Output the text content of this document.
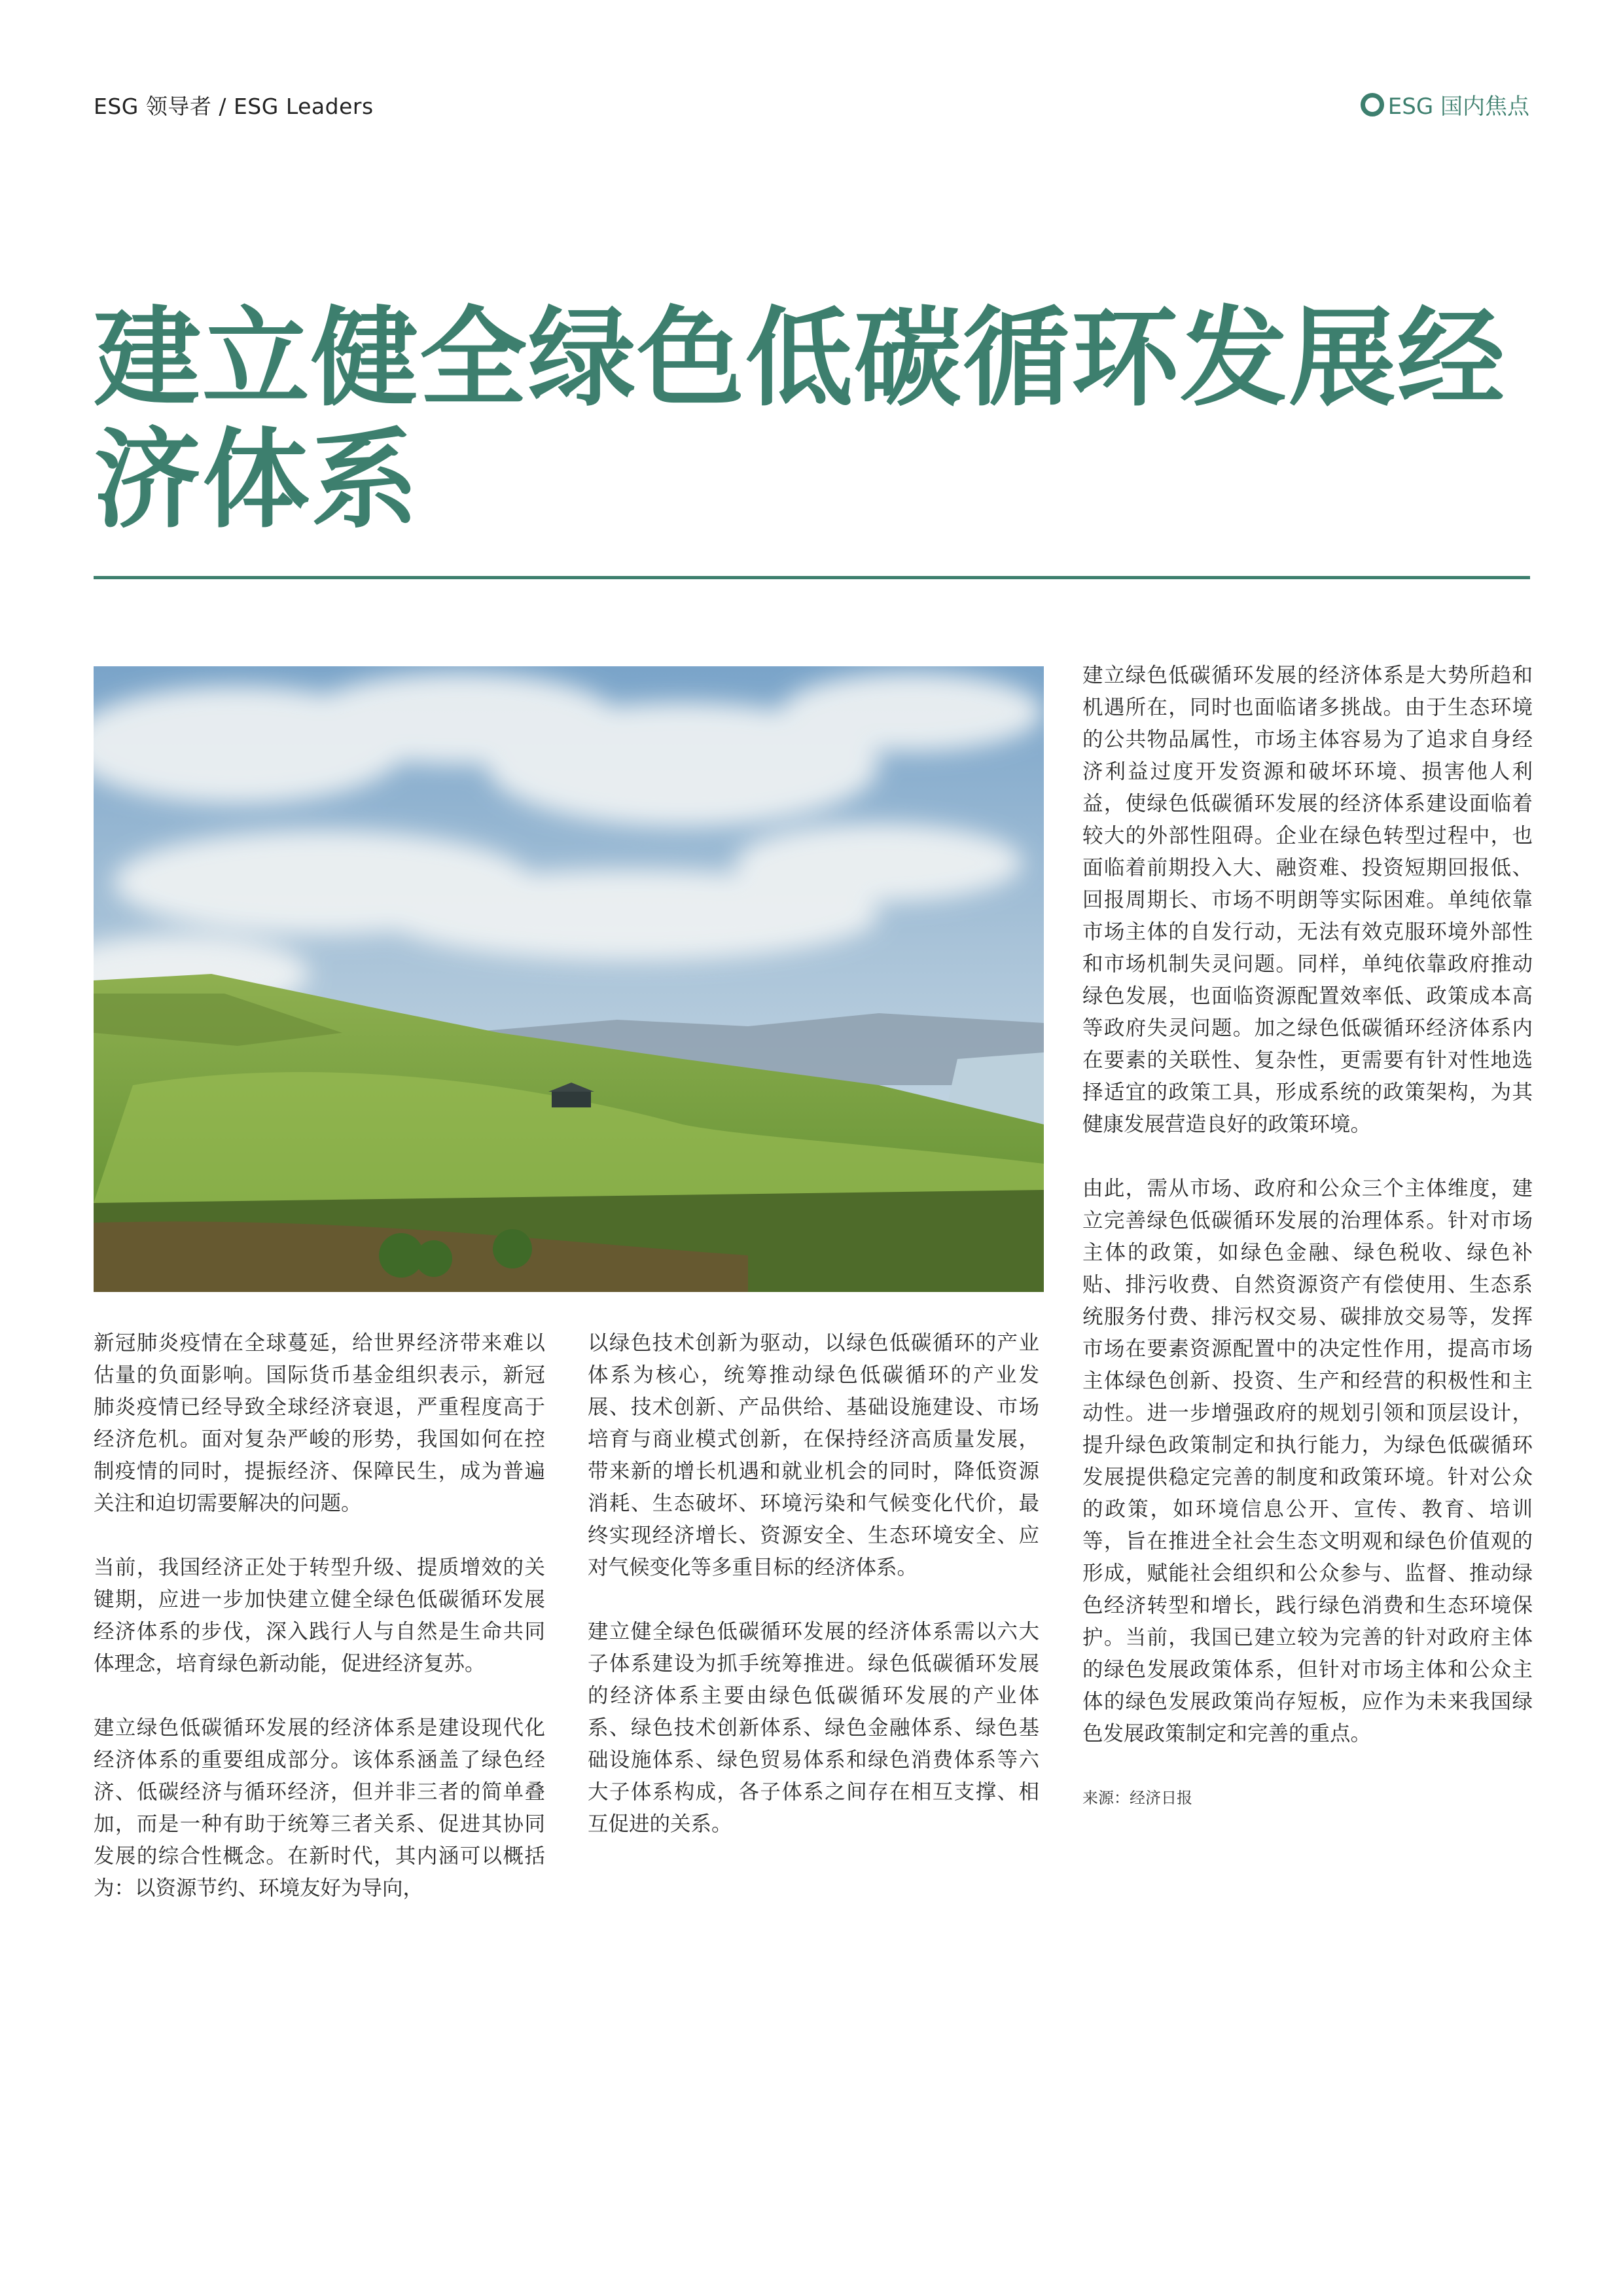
ESG 领导者 / ESG Leaders	ESG 国内焦点
建立健全绿色低碳循环发展经济体系

新冠肺炎疫情在全球蔓延，给世界经济带来难以估量的负面影响。国际货币基金组织表示，新冠肺炎疫情已经导致全球经济衰退，严重程度高于经济危机。面对复杂严峻的形势，我国如何在控制疫情的同时，提振经济、保障民生，成为普遍关注和迫切需要解决的问题。

当前，我国经济正处于转型升级、提质增效的关键期，应进一步加快建立健全绿色低碳循环发展经济体系的步伐，深入践行人与自然是生命共同体理念，培育绿色新动能，促进经济复苏。

建立绿色低碳循环发展的经济体系是建设现代化经济体系的重要组成部分。该体系涵盖了绿色经济、低碳经济与循环经济，但并非三者的简单叠加，而是一种有助于统筹三者关系、促进其协同发展的综合性概念。在新时代，其内涵可以概括为：以资源节约、环境友好为导向，

以绿色技术创新为驱动，以绿色低碳循环的产业体系为核心，统筹推动绿色低碳循环的产业发展、技术创新、产品供给、基础设施建设、市场培育与商业模式创新，在保持经济高质量发展，带来新的增长机遇和就业机会的同时，降低资源消耗、生态破坏、环境污染和气候变化代价，最终实现经济增长、资源安全、生态环境安全、应对气候变化等多重目标的经济体系。

建立健全绿色低碳循环发展的经济体系需以六大子体系建设为抓手统筹推进。绿色低碳循环发展的经济体系主要由绿色低碳循环发展的产业体系、绿色技术创新体系、绿色金融体系、绿色基础设施体系、绿色贸易体系和绿色消费体系等六大子体系构成，各子体系之间存在相互支撑、相互促进的关系。

建立绿色低碳循环发展的经济体系是大势所趋和机遇所在，同时也面临诸多挑战。由于生态环境的公共物品属性，市场主体容易为了追求自身经济利益过度开发资源和破坏环境、损害他人利益，使绿色低碳循环发展的经济体系建设面临着较大的外部性阻碍。企业在绿色转型过程中，也面临着前期投入大、融资难、投资短期回报低、回报周期长、市场不明朗等实际困难。单纯依靠市场主体的自发行动，无法有效克服环境外部性和市场机制失灵问题。同样，单纯依靠政府推动绿色发展，也面临资源配置效率低、政策成本高等政府失灵问题。加之绿色低碳循环经济体系内在要素的关联性、复杂性，更需要有针对性地选择适宜的政策工具，形成系统的政策架构，为其健康发展营造良好的政策环境。

由此，需从市场、政府和公众三个主体维度，建立完善绿色低碳循环发展的治理体系。针对市场主体的政策，如绿色金融、绿色税收、绿色补贴、排污收费、自然资源资产有偿使用、生态系统服务付费、排污权交易、碳排放交易等，发挥市场在要素资源配置中的决定性作用，提高市场主体绿色创新、投资、生产和经营的积极性和主动性。进一步增强政府的规划引领和顶层设计，提升绿色政策制定和执行能力，为绿色低碳循环发展提供稳定完善的制度和政策环境。针对公众的政策，如环境信息公开、宣传、教育、培训等，旨在推进全社会生态文明观和绿色价值观的形成，赋能社会组织和公众参与、监督、推动绿色经济转型和增长，践行绿色消费和生态环境保护。当前，我国已建立较为完善的针对政府主体的绿色发展政策体系，但针对市场主体和公众主体的绿色发展政策尚存短板，应作为未来我国绿色发展政策制定和完善的重点。

来源：经济日报
